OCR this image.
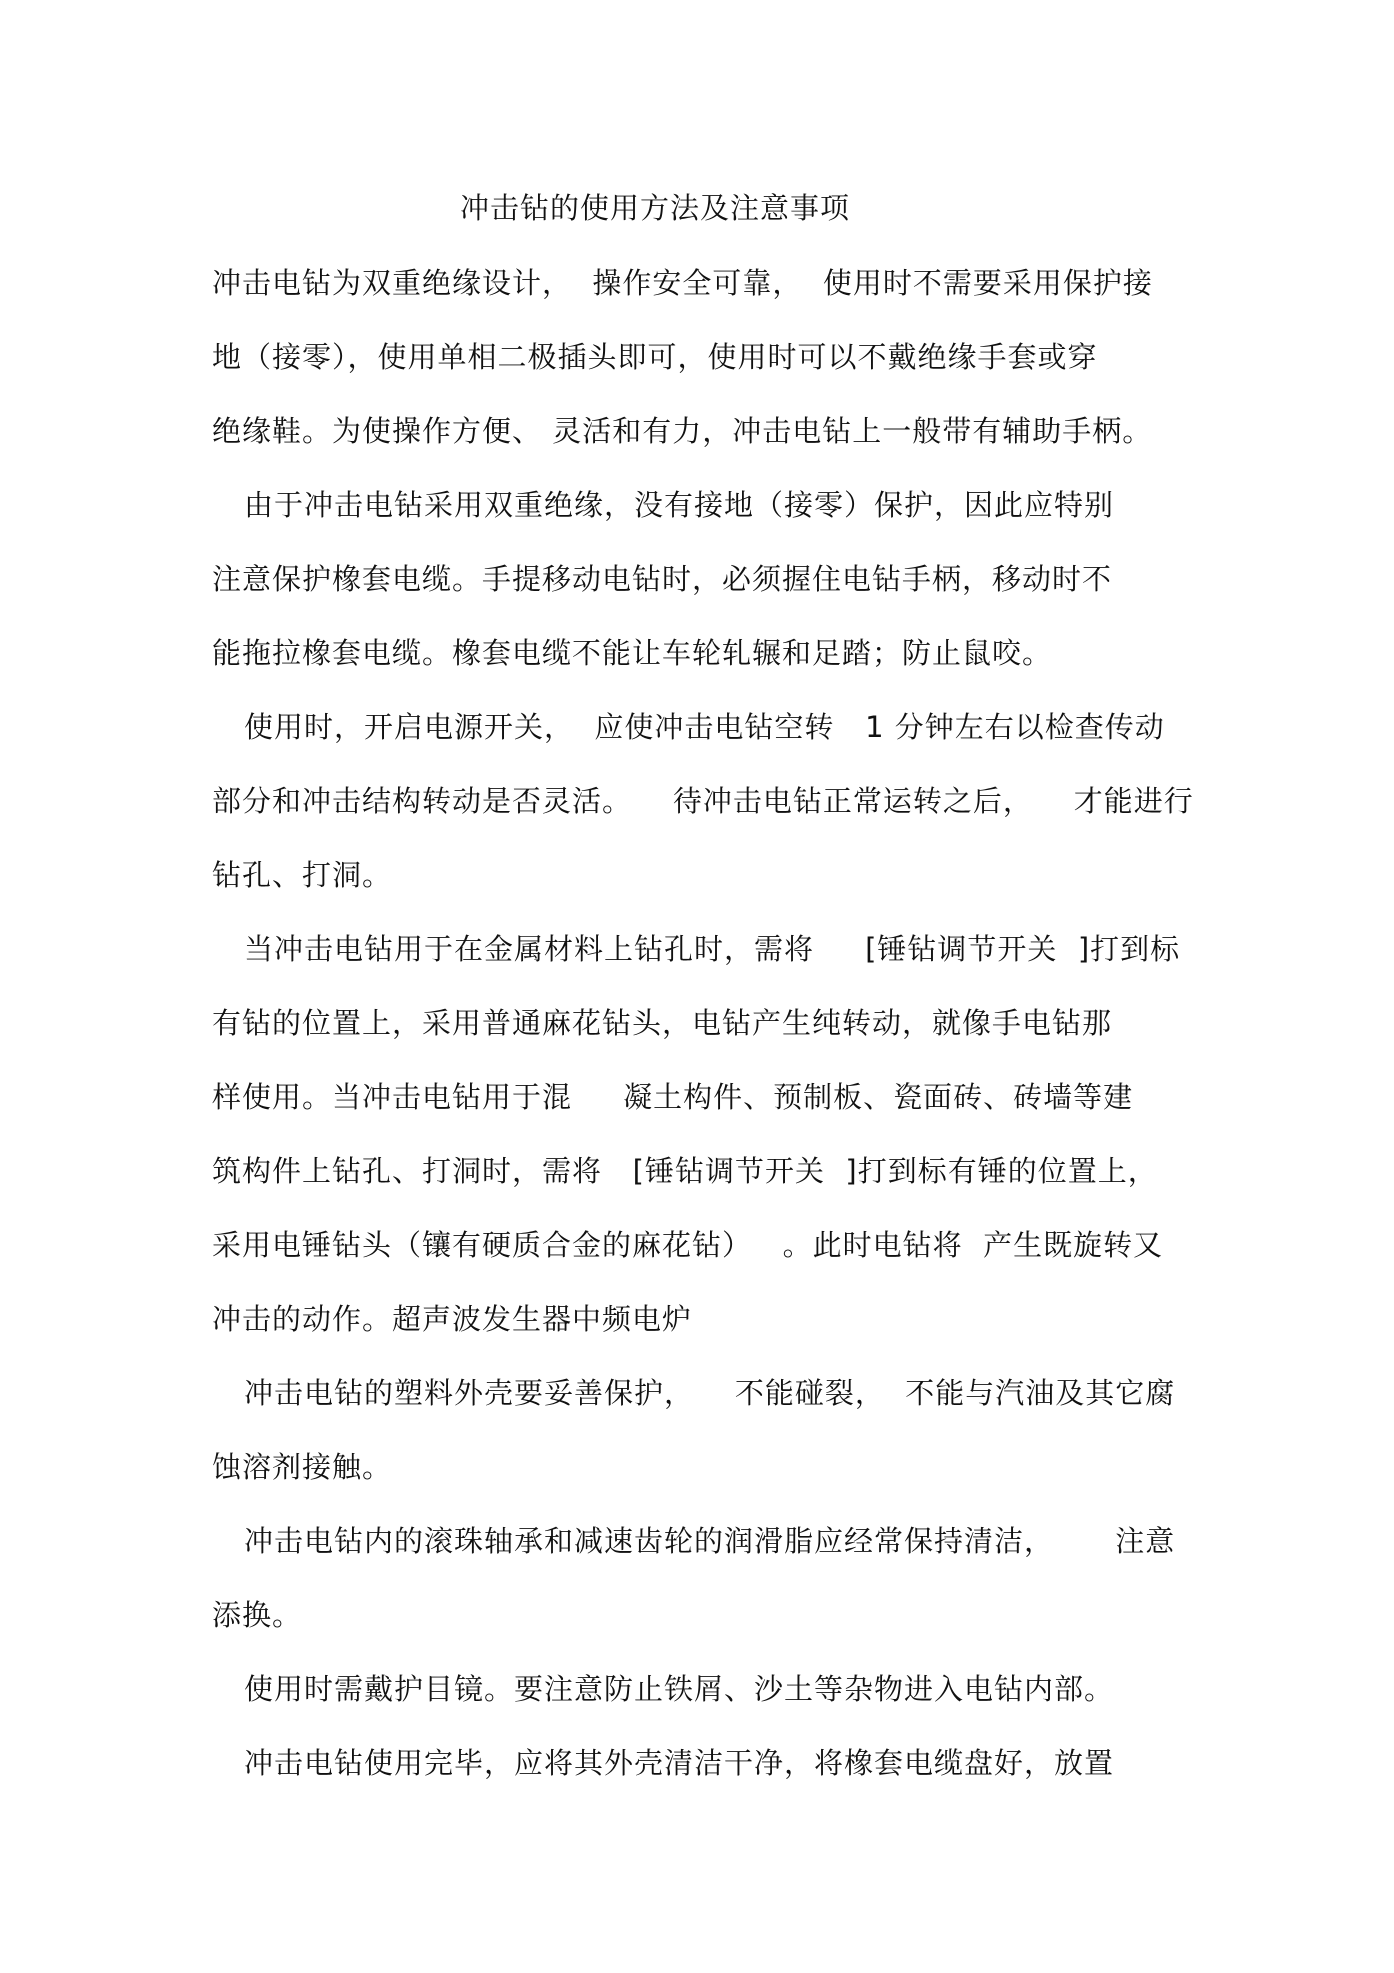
冲击钻的使用方法及注意事项
冲击电钻为双重绝缘设计，  操作安全可靠，  使用时不需要采用保护接
地（接零），使用单相二极插头即可，使用时可以不戴绝缘手套或穿
绝缘鞋。为使操作方便、 灵活和有力，冲击电钻上一般带有辅助手柄。
由于冲击电钻采用双重绝缘，没有接地（接零）保护，因此应特别
注意保护橡套电缆。手提移动电钻时，必须握住电钻手柄，移动时不
能拖拉橡套电缆。橡套电缆不能让车轮轧辗和足踏；防止鼠咬。
使用时，开启电源开关，  应使冲击电钻空转   1 分钟左右以检查传动
部分和冲击结构转动是否灵活。    待冲击电钻正常运转之后，    才能进行
钻孔、打洞。
当冲击电钻用于在金属材料上钻孔时，需将     [锤钻调节开关  ]打到标
有钻的位置上，采用普通麻花钻头，电钻产生纯转动，就像手电钻那
样使用。当冲击电钻用于混     凝土构件、预制板、瓷面砖、砖墙等建
筑构件上钻孔、打洞时，需将   [锤钻调节开关  ]打到标有锤的位置上，
采用电锤钻头（镶有硬质合金的麻花钻）   。此时电钻将  产生既旋转又
冲击的动作。超声波发生器中频电炉
冲击电钻的塑料外壳要妥善保护，    不能碰裂，  不能与汽油及其它腐
蚀溶剂接触。
冲击电钻内的滚珠轴承和减速齿轮的润滑脂应经常保持清洁，      注意
添换。
使用时需戴护目镜。要注意防止铁屑、沙土等杂物进入电钻内部。
冲击电钻使用完毕，应将其外壳清洁干净，将橡套电缆盘好，放置
